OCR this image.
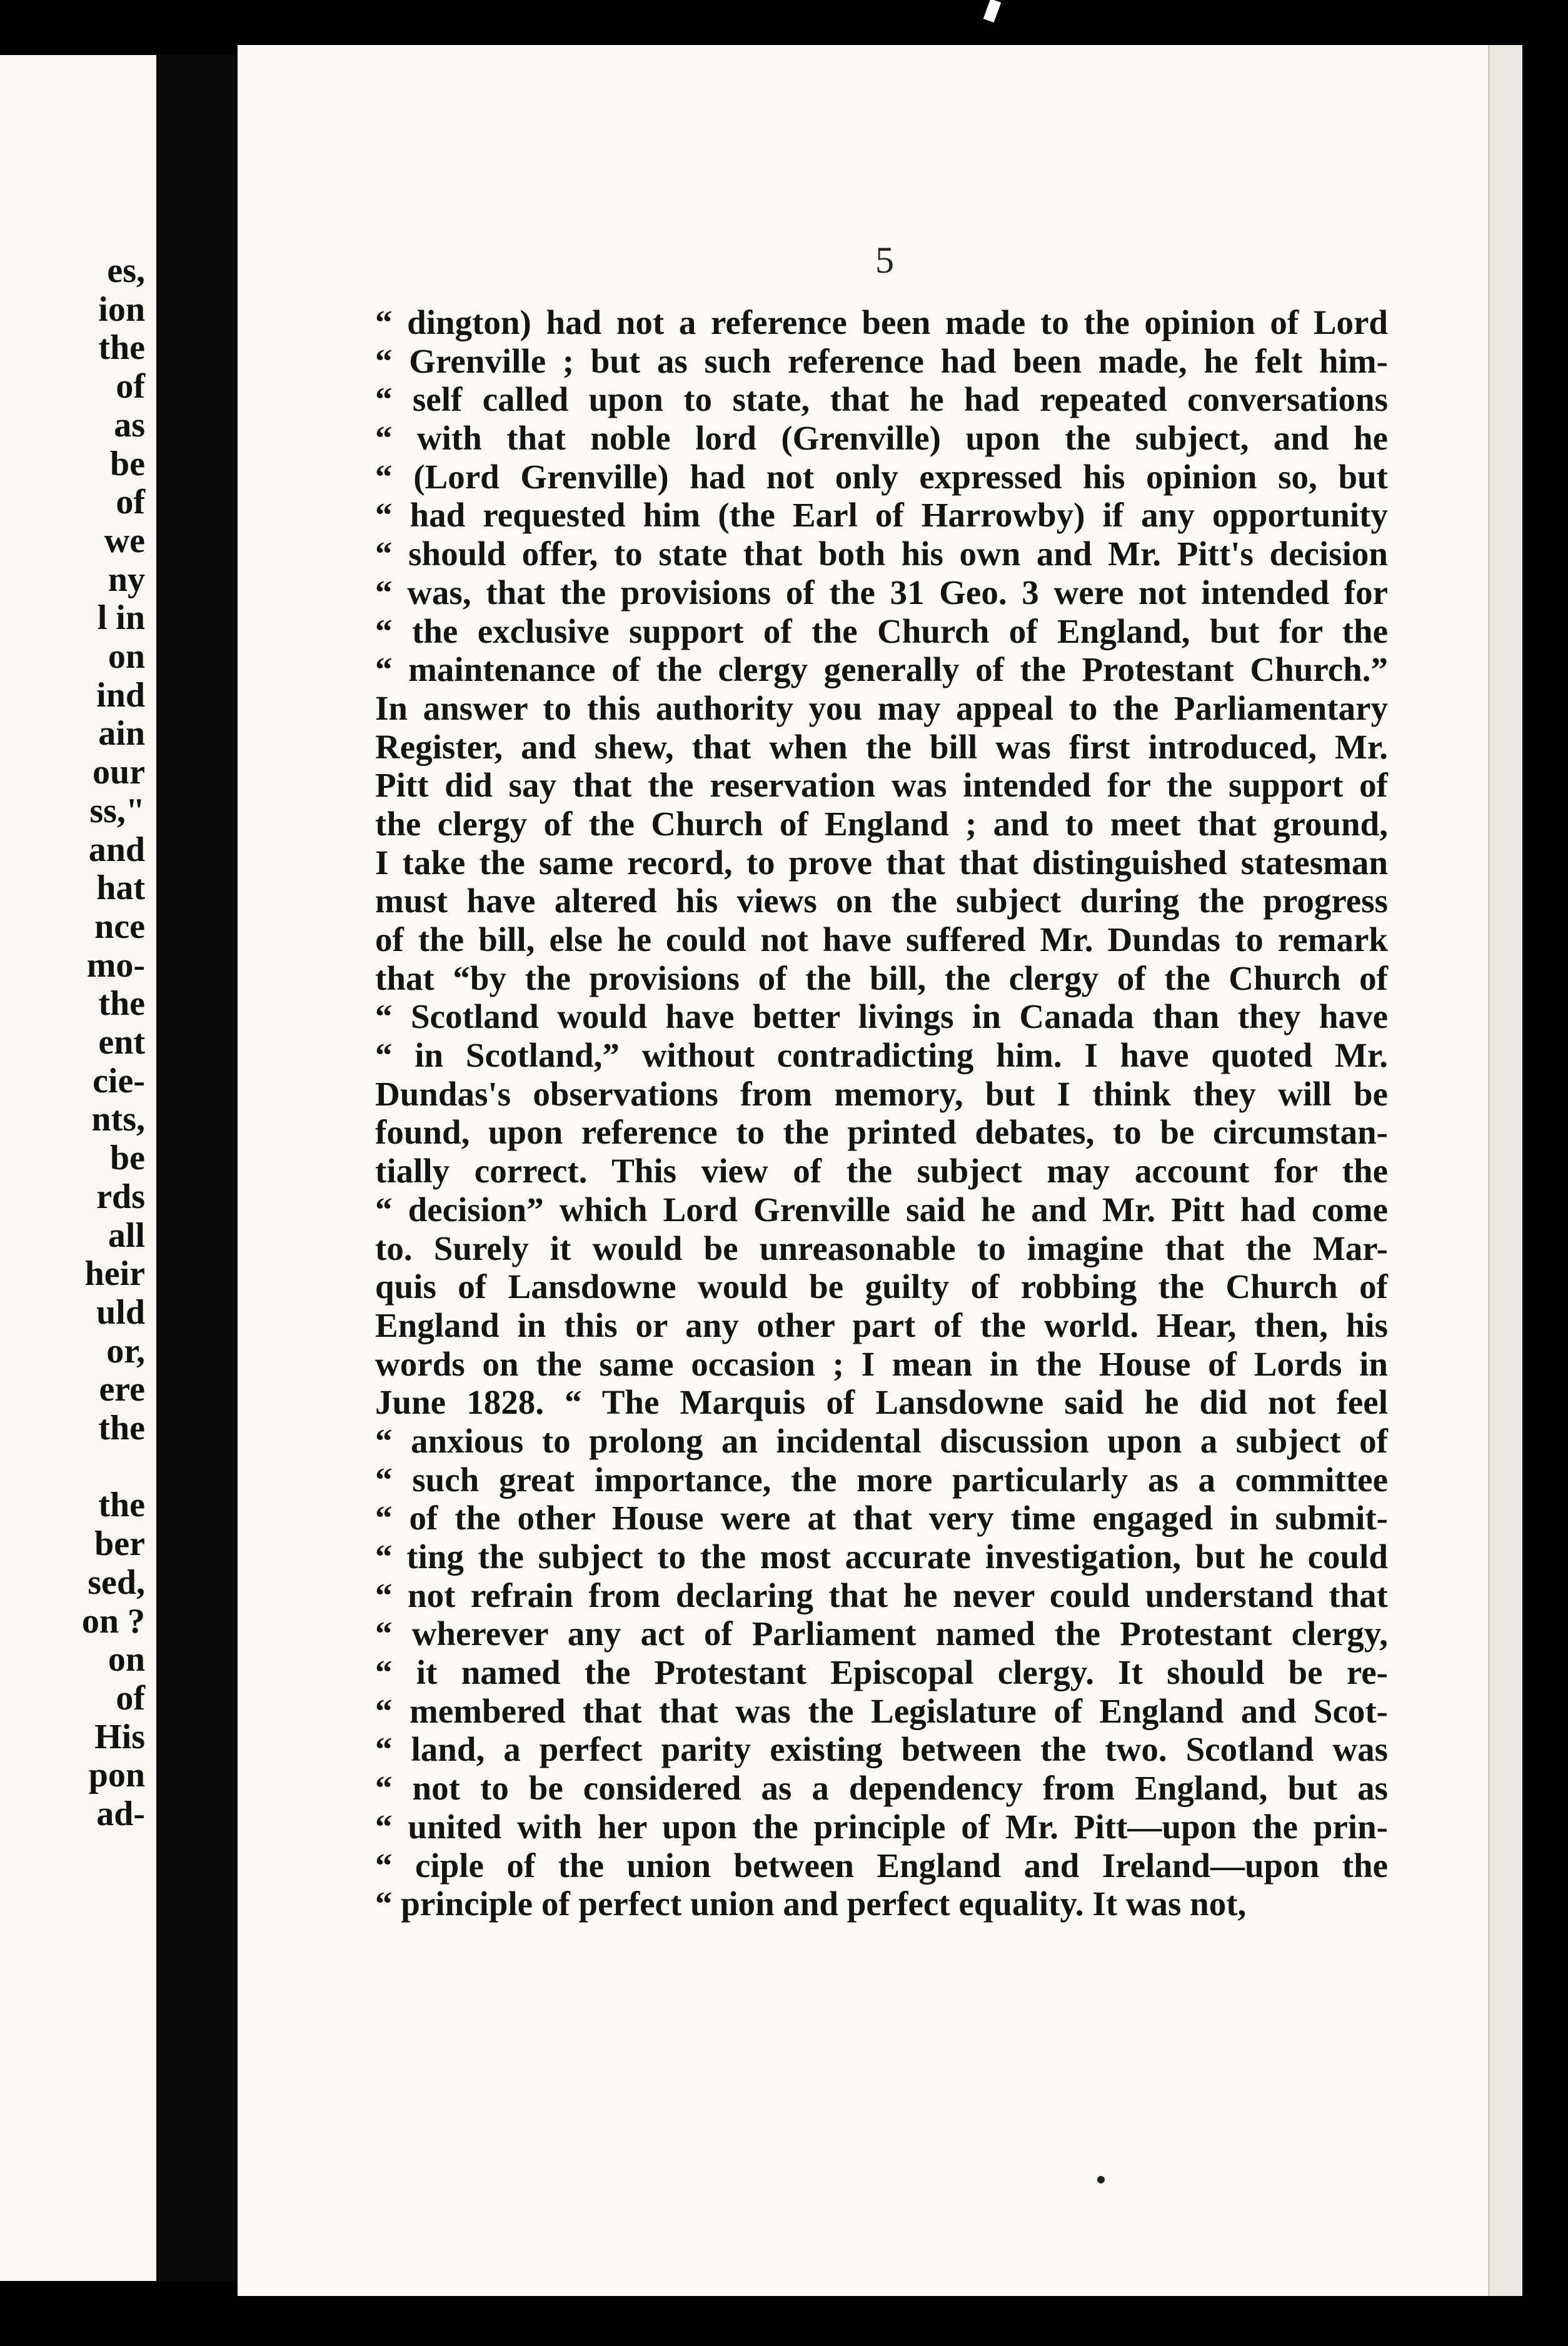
es,
ion
the
of
as
be
of
we
ny
l in
on
ind
ain
our
ss,"
and
hat
nce
mo-
the
ent
cie-
nts,
be
rds
all
heir
uld
or,
ere
the
the
ber
sed,
on ?
on
of
His
pon
ad-
5
“ dington) had not a reference been made to the opinion of Lord
“ Grenville ; but as such reference had been made, he felt him-
“ self called upon to state, that he had repeated conversations
“ with that noble lord (Grenville) upon the subject, and he
“ (Lord Grenville) had not only expressed his opinion so, but
“ had requested him (the Earl of Harrowby) if any opportunity
“ should offer, to state that both his own and Mr. Pitt's decision
“ was, that the provisions of the 31 Geo. 3 were not intended for
“ the exclusive support of the Church of England, but for the
“ maintenance of the clergy generally of the Protestant Church.”
In answer to this authority you may appeal to the Parliamentary
Register, and shew, that when the bill was first introduced, Mr.
Pitt did say that the reservation was intended for the support of
the clergy of the Church of England ; and to meet that ground,
I take the same record, to prove that that distinguished statesman
must have altered his views on the subject during the progress
of the bill, else he could not have suffered Mr. Dundas to remark
that “by the provisions of the bill, the clergy of the Church of
“ Scotland would have better livings in Canada than they have
“ in Scotland,” without contradicting him. I have quoted Mr.
Dundas's observations from memory, but I think they will be
found, upon reference to the printed debates, to be circumstan-
tially correct. This view of the subject may account for the
“ decision” which Lord Grenville said he and Mr. Pitt had come
to. Surely it would be unreasonable to imagine that the Mar-
quis of Lansdowne would be guilty of robbing the Church of
England in this or any other part of the world. Hear, then, his
words on the same occasion ; I mean in the House of Lords in
June 1828. “ The Marquis of Lansdowne said he did not feel
“ anxious to prolong an incidental discussion upon a subject of
“ such great importance, the more particularly as a committee
“ of the other House were at that very time engaged in submit-
“ ting the subject to the most accurate investigation, but he could
“ not refrain from declaring that he never could understand that
“ wherever any act of Parliament named the Protestant clergy,
“ it named the Protestant Episcopal clergy. It should be re-
“ membered that that was the Legislature of England and Scot-
“ land, a perfect parity existing between the two. Scotland was
“ not to be considered as a dependency from England, but as
“ united with her upon the principle of Mr. Pitt—upon the prin-
“ ciple of the union between England and Ireland—upon the
“ principle of perfect union and perfect equality. It was not,
